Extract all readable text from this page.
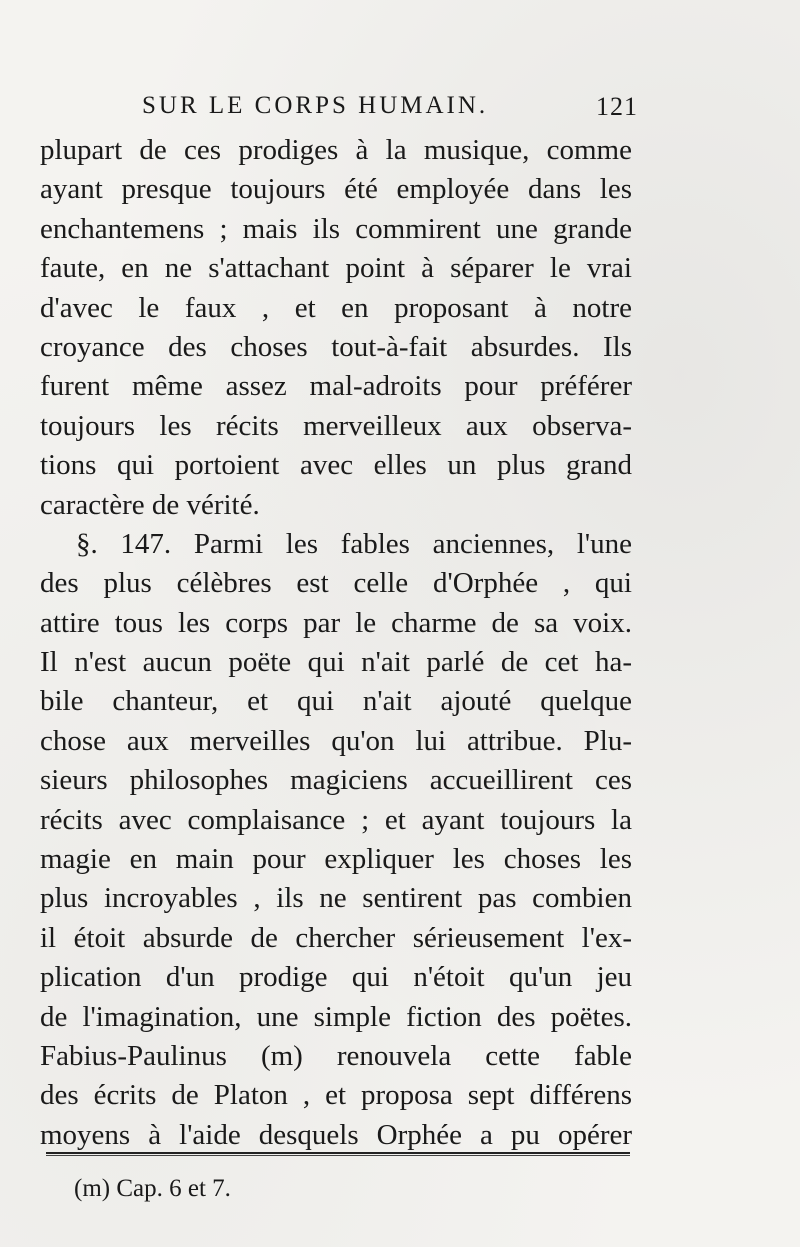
SUR LE CORPS HUMAIN.	121
plupart de ces prodiges à la musique, comme
ayant presque toujours été employée dans les
enchantemens ; mais ils commirent une grande
faute, en ne s'attachant point à séparer le vrai
d'avec le faux , et en proposant à notre
croyance des choses tout-à-fait absurdes. Ils
furent même assez mal-adroits pour préférer
toujours les récits merveilleux aux observa-
tions qui portoient avec elles un plus grand
caractère de vérité.
§. 147. Parmi les fables anciennes, l'une
des plus célèbres est celle d'Orphée , qui
attire tous les corps par le charme de sa voix.
Il n'est aucun poëte qui n'ait parlé de cet ha-
bile chanteur, et qui n'ait ajouté quelque
chose aux merveilles qu'on lui attribue. Plu-
sieurs philosophes magiciens accueillirent ces
récits avec complaisance ; et ayant toujours la
magie en main pour expliquer les choses les
plus incroyables , ils ne sentirent pas combien
il étoit absurde de chercher sérieusement l'ex-
plication d'un prodige qui n'étoit qu'un jeu
de l'imagination, une simple fiction des poëtes.
Fabius-Paulinus (m) renouvela cette fable
des écrits de Platon , et proposa sept différens
moyens à l'aide desquels Orphée a pu opérer
(m) Cap. 6 et 7.
